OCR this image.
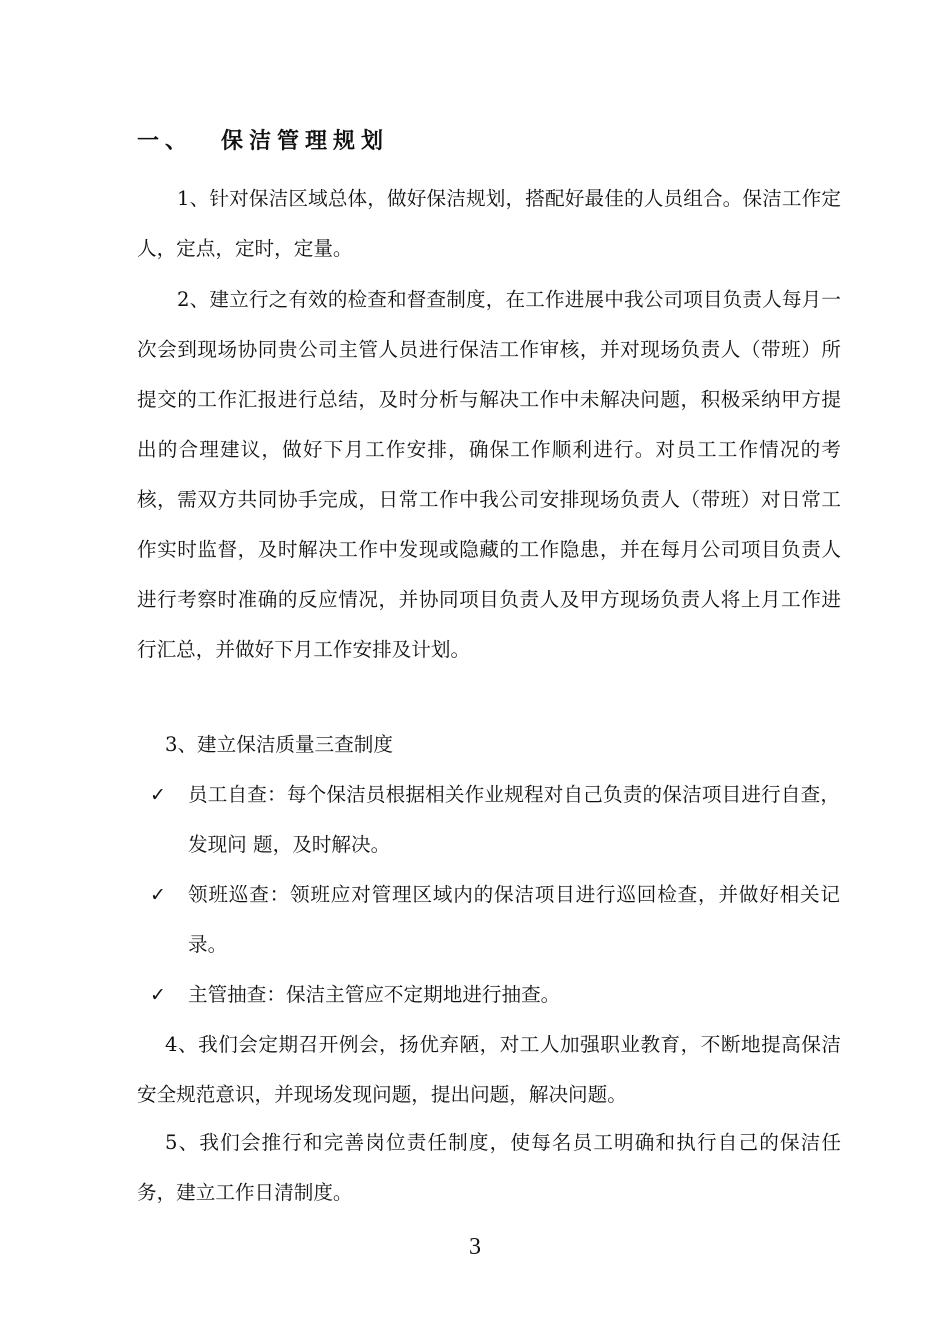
一、 保洁管理规划
1、针对保洁区域总体，做好保洁规划，搭配好最佳的人员组合。保洁工作定人，定点，定时，定量。
2、建立行之有效的检查和督查制度，在工作进展中我公司项目负责人每月一次会到现场协同贵公司主管人员进行保洁工作审核，并对现场负责人（带班）所提交的工作汇报进行总结，及时分析与解决工作中未解决问题，积极采纳甲方提出的合理建议，做好下月工作安排，确保工作顺利进行。对员工工作情况的考核，需双方共同协手完成，日常工作中我公司安排现场负责人（带班）对日常工作实时监督，及时解决工作中发现或隐藏的工作隐患，并在每月公司项目负责人进行考察时准确的反应情况，并协同项目负责人及甲方现场负责人将上月工作进行汇总，并做好下月工作安排及计划。
3、建立保洁质量三查制度
✓ 员工自查：每个保洁员根据相关作业规程对自己负责的保洁项目进行自查，发现问 题，及时解决。
✓ 领班巡查：领班应对管理区域内的保洁项目进行巡回检查，并做好相关记录。
✓ 主管抽查：保洁主管应不定期地进行抽查。
4、我们会定期召开例会，扬优弃陋，对工人加强职业教育，不断地提高保洁安全规范意识，并现场发现问题，提出问题，解决问题。
5、我们会推行和完善岗位责任制度，使每名员工明确和执行自己的保洁任务，建立工作日清制度。
3
